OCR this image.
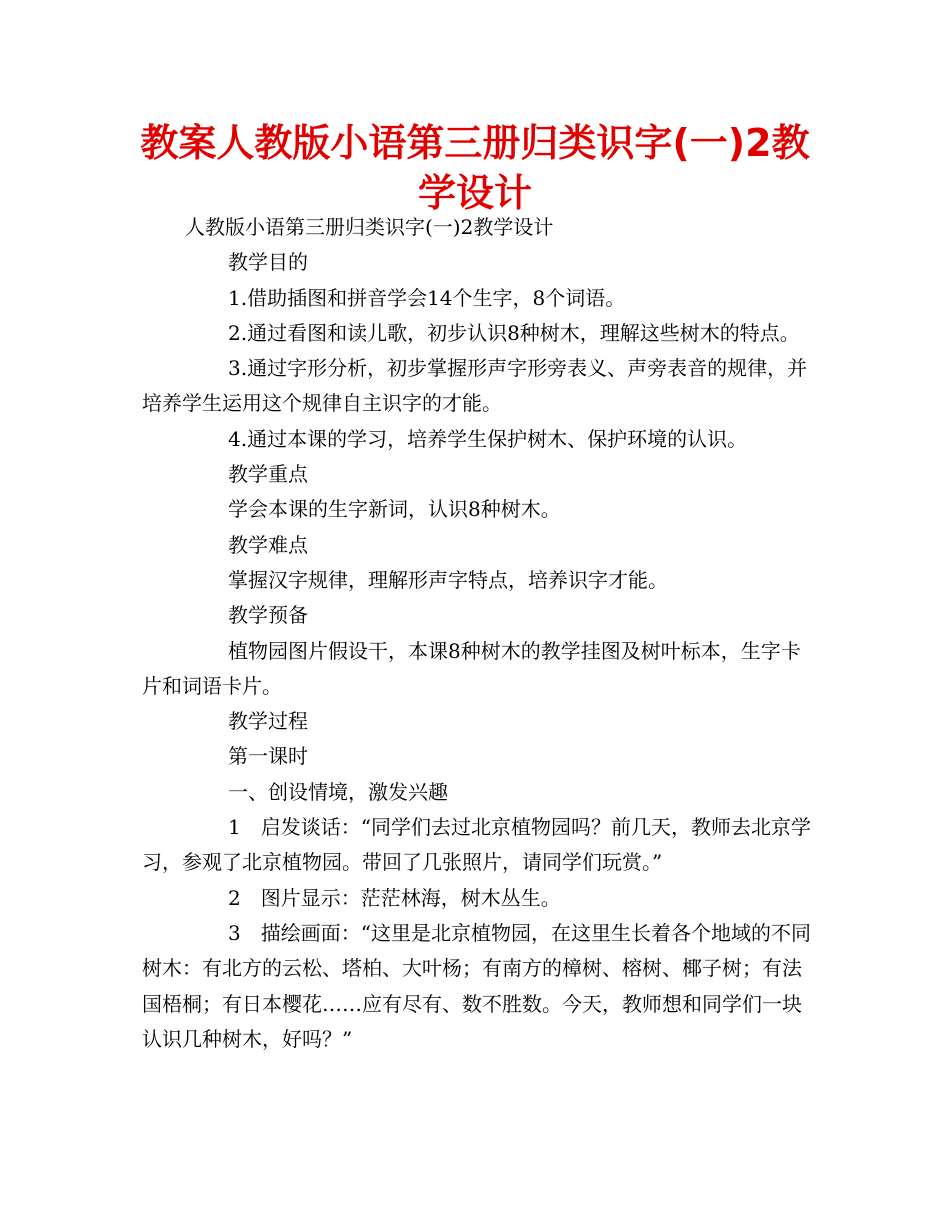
教案人教版小语第三册归类识字(一)2教学设计

人教版小语第三册归类识字(一)2教学设计

教学目的

1.借助插图和拼音学会14个生字，8个词语。

2.通过看图和读儿歌，初步认识8种树木，理解这些树木的特点。

3.通过字形分析，初步掌握形声字形旁表义、声旁表音的规律，并培养学生运用这个规律自主识字的才能。

4.通过本课的学习，培养学生保护树木、保护环境的认识。

教学重点

学会本课的生字新词，认识8种树木。

教学难点

掌握汉字规律，理解形声字特点，培养识字才能。

教学预备

植物园图片假设干，本课8种树木的教学挂图及树叶标本，生字卡片和词语卡片。

教学过程

第一课时

一、创设情境，激发兴趣

1　启发谈话：“同学们去过北京植物园吗？前几天，教师去北京学习，参观了北京植物园。带回了几张照片，请同学们玩赏。”

2　图片显示：茫茫林海，树木丛生。

3　描绘画面：“这里是北京植物园，在这里生长着各个地域的不同树木：有北方的云松、塔柏、大叶杨；有南方的樟树、榕树、椰子树；有法国梧桐；有日本樱花……应有尽有、数不胜数。今天，教师想和同学们一块认识几种树木，好吗？”
